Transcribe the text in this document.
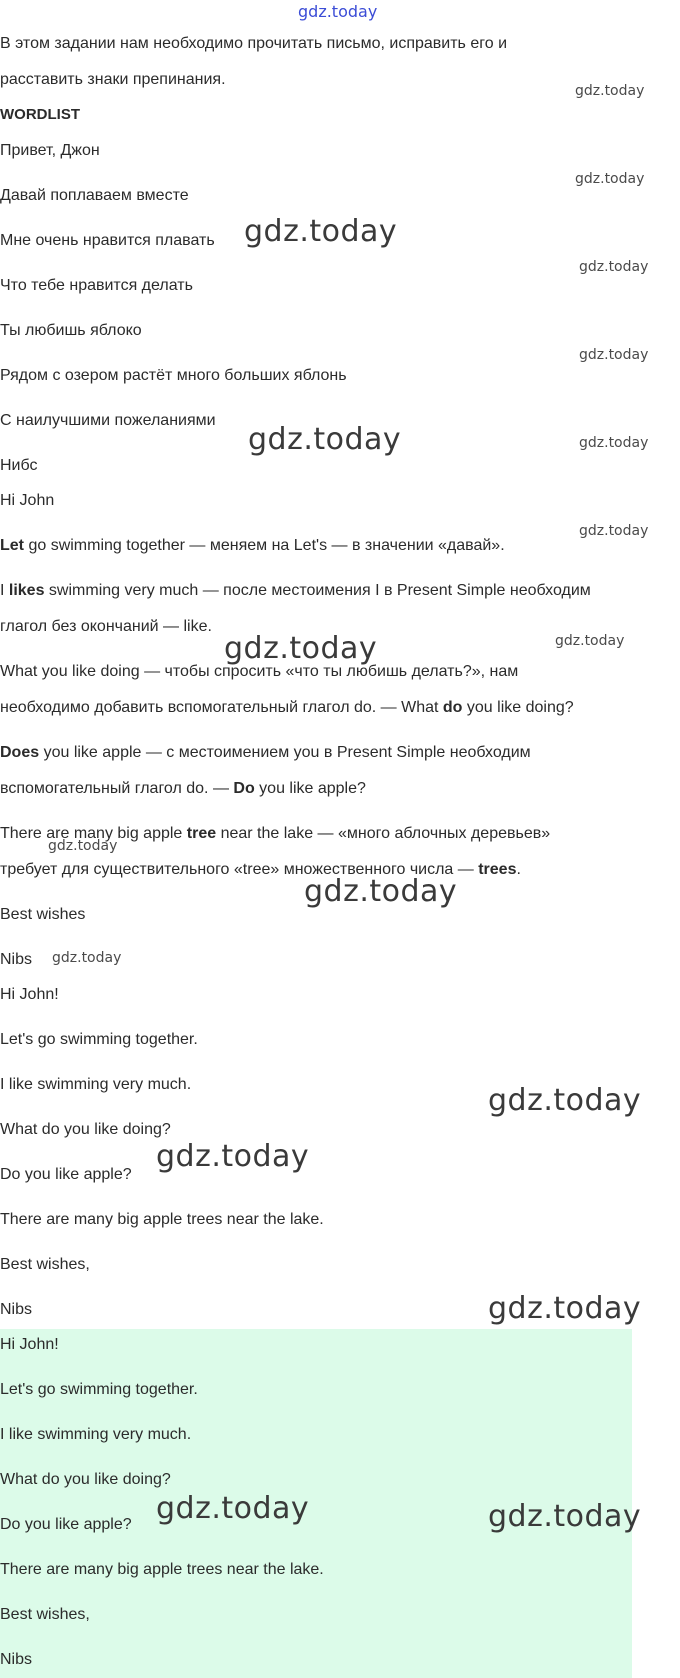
gdz.today

В этом задании нам необходимо прочитать письмо, исправить его и

расставить знаки препинания.

WORDLIST

Привет, Джон

Давай поплаваем вместе

Мне очень нравится плавать

Что тебе нравится делать

Ты любишь яблоко

Рядом с озером растёт много больших яблонь

С наилучшими пожеланиями

Нибс

Hi John

Let go swimming together — меняем на Let's — в значении «давай».

I likes swimming very much — после местоимения I в Present Simple необходим

глагол без окончаний — like.

What you like doing — чтобы спросить «что ты любишь делать?», нам

необходимо добавить вспомогательный глагол do. — What do you like doing?

Does you like apple — с местоимением you в Present Simple необходим

вспомогательный глагол do. — Do you like apple?

There are many big apple tree near the lake — «много аблочных деревьев»

требует для существительного «tree» множественного числа — trees.

Best wishes

Nibs

Hi John!

Let's go swimming together.

I like swimming very much.

What do you like doing?

Do you like apple?

There are many big apple trees near the lake.

Best wishes,

Nibs

Hi John!

Let's go swimming together.

I like swimming very much.

What do you like doing?

Do you like apple?

There are many big apple trees near the lake.

Best wishes,

Nibs

gdz.today
gdz.today
gdz.today
gdz.today
gdz.today
gdz.today
gdz.today
gdz.today
gdz.today
gdz.today
gdz.today
gdz.today
gdz.today
gdz.today
gdz.today
gdz.today
gdz.today	gdz.today
